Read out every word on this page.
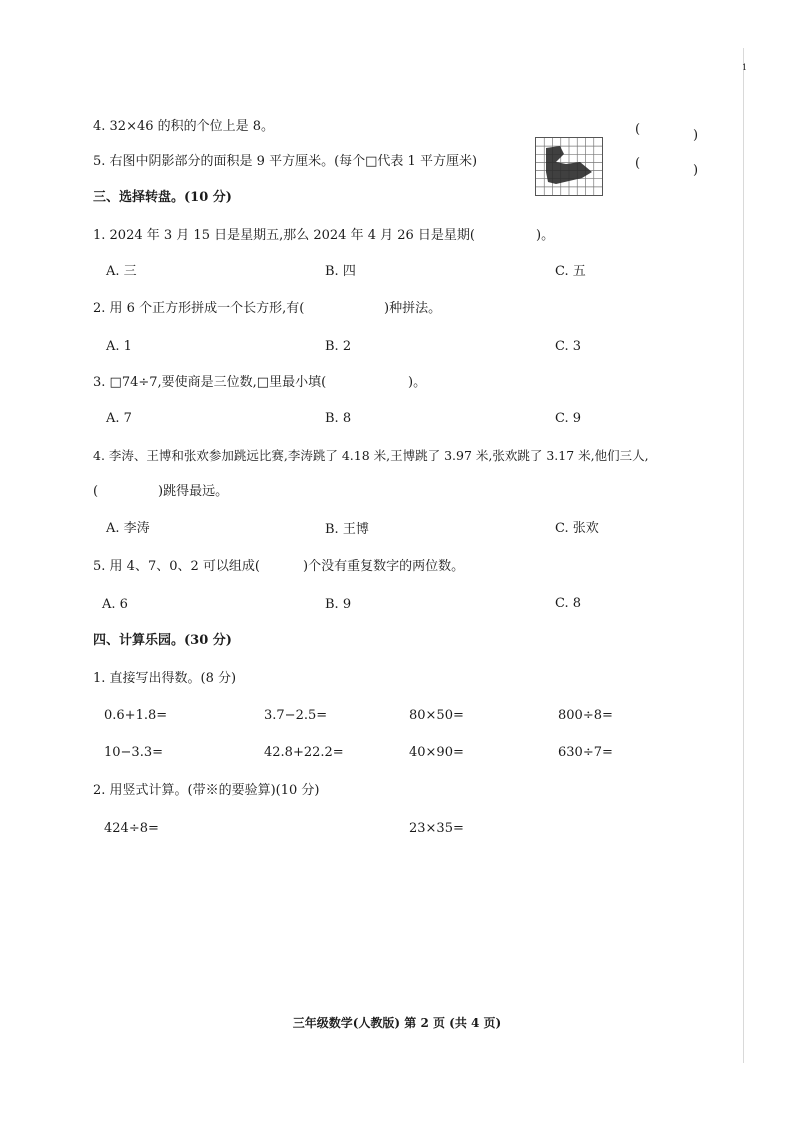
1
4. 32×46 的积的个位上是 8。	(	)
5. 右图中阴影部分的面积是 9 平方厘米。(每个□代表 1 平方厘米)	(	)
三、选择转盘。(10 分)
1. 2024 年 3 月 15 日是星期五,那么 2024 年 4 月 26 日是星期(	)。
A. 三	B. 四	C. 五
2. 用 6 个正方形拼成一个长方形,有(	)种拼法。
A. 1	B. 2	C. 3
3. □74÷7,要使商是三位数,□里最小填(	)。
A. 7	B. 8	C. 9
4. 李涛、王博和张欢参加跳远比赛,李涛跳了 4.18 米,王博跳了 3.97 米,张欢跳了 3.17 米,他们三人,
(	)跳得最远。
A. 李涛	B. 王博	C. 张欢
5. 用 4、7、0、2 可以组成(	)个没有重复数字的两位数。
A. 6	B. 9	C. 8
四、计算乐园。(30 分)
1. 直接写出得数。(8 分)
0.6+1.8=	3.7−2.5=	80×50=	800÷8=
10−3.3=	42.8+22.2=	40×90=	630÷7=
2. 用竖式计算。(带※的要验算)(10 分)
424÷8=	23×35=
三年级数学(人教版) 第 2 页 (共 4 页)
